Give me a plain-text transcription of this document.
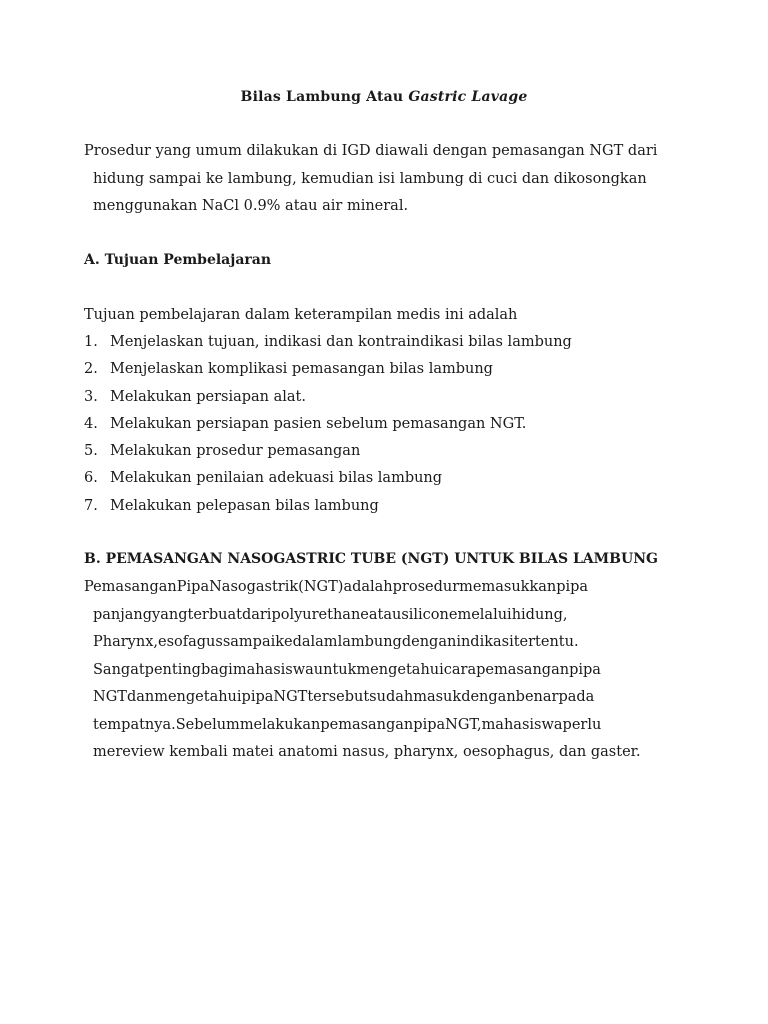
Bilas Lambung Atau Gastric Lavage
Prosedur yang umum dilakukan di IGD diawali dengan pemasangan NGT dari
hidung sampai ke lambung, kemudian isi lambung di cuci dan dikosongkan
menggunakan NaCl 0.9% atau air mineral.
A. Tujuan Pembelajaran
Tujuan pembelajaran dalam keterampilan medis ini adalah
1. Menjelaskan tujuan, indikasi dan kontraindikasi bilas lambung
2. Menjelaskan komplikasi pemasangan bilas lambung
3. Melakukan persiapan alat.
4. Melakukan persiapan pasien sebelum pemasangan NGT.
5. Melakukan prosedur pemasangan
6. Melakukan penilaian adekuasi bilas lambung
7. Melakukan pelepasan bilas lambung
B. PEMASANGAN NASOGASTRIC TUBE (NGT) UNTUK BILAS LAMBUNG
PemasanganPipaNasogastrik(NGT)adalahprosedurmemasukkanpipa
panjangyangterbuatdaripolyurethaneatausiliconemelaluihidung,
Pharynx,esofagussampaikedalamlambungdenganindikasitertentu.
Sangatpentingbagimahasiswauntukmengetahuicarapemasanganpipa
NGTdanmengetahuipipaNGTtersebutsudahmasukdenganbenarpada
tempatnya.SebelummelakukanpemasanganpipaNGT,mahasiswaperlu
mereview kembali matei anatomi nasus, pharynx, oesophagus, dan gaster.
